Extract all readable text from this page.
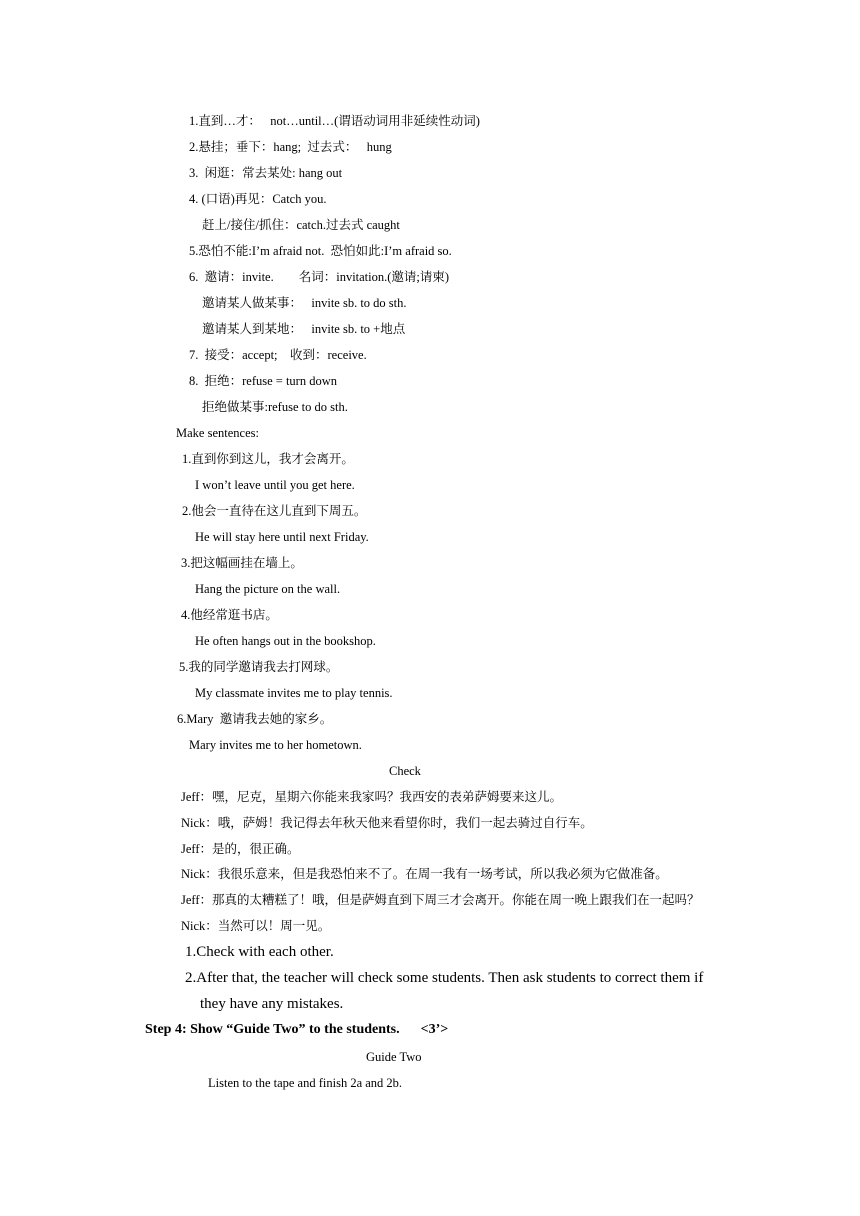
1.直到…才：   not…until…(谓语动词用非延续性动词)
2.悬挂；垂下：hang;  过去式：   hung
3.  闲逛：常去某处: hang out
4. (口语)再见：Catch you.
赶上/接住/抓住：catch.过去式 caught
5.恐怕不能:I’m afraid not.  恐怕如此:I’m afraid so.
6.  邀请：invite.        名词：invitation.(邀请;请柬)
邀请某人做某事：   invite sb. to do sth.
邀请某人到某地：   invite sb. to +地点
7.  接受：accept;    收到：receive.
8.  拒绝：refuse = turn down
拒绝做某事:refuse to do sth.
Make sentences:
1.直到你到这儿，我才会离开。
I won’t leave until you get here.
2.他会一直待在这儿直到下周五。
He will stay here until next Friday.
3.把这幅画挂在墙上。
Hang the picture on the wall.
4.他经常逛书店。
He often hangs out in the bookshop.
5.我的同学邀请我去打网球。
My classmate invites me to play tennis.
6.Mary  邀请我去她的家乡。
Mary invites me to her hometown.
Check
Jeff：嘿，尼克，星期六你能来我家吗？我西安的表弟萨姆要来这儿。
Nick：哦，萨姆！我记得去年秋天他来看望你时，我们一起去骑过自行车。
Jeff：是的，很正确。
Nick：我很乐意来，但是我恐怕来不了。在周一我有一场考试，所以我必须为它做准备。
Jeff：那真的太糟糕了！哦，但是萨姆直到下周三才会离开。你能在周一晚上跟我们在一起吗？
Nick：当然可以！周一见。
1.Check with each other.
2.After that, the teacher will check some students. Then ask students to correct them if
they have any mistakes.
Step 4: Show “Guide Two” to the students.      <3’>
Guide Two
Listen to the tape and finish 2a and 2b.
